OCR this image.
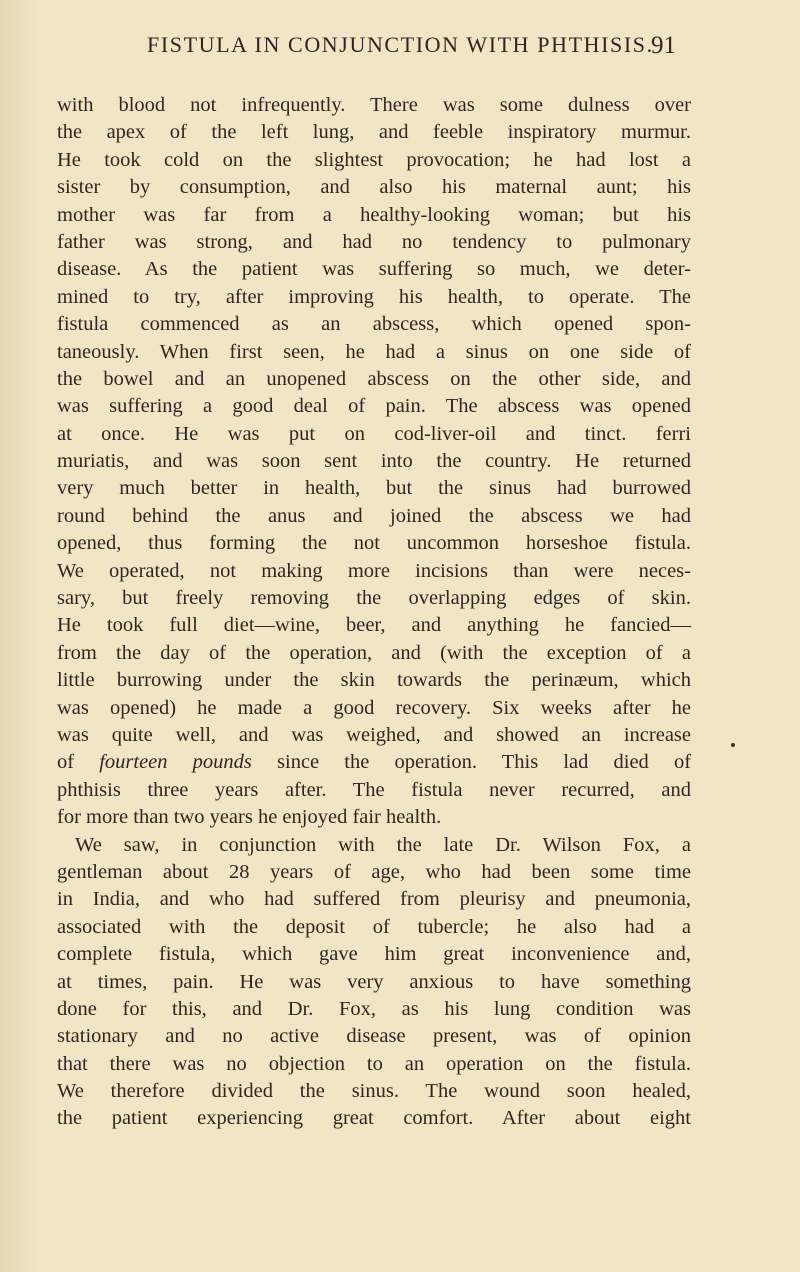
FISTULA IN CONJUNCTION WITH PHTHISIS.
91
with blood not infrequently. There was some dulness over
the apex of the left lung, and feeble inspiratory murmur.
He took cold on the slightest provocation; he had lost a
sister by consumption, and also his maternal aunt; his
mother was far from a healthy-looking woman; but his
father was strong, and had no tendency to pulmonary
disease. As the patient was suffering so much, we deter-
mined to try, after improving his health, to operate. The
fistula commenced as an abscess, which opened spon-
taneously. When first seen, he had a sinus on one side of
the bowel and an unopened abscess on the other side, and
was suffering a good deal of pain. The abscess was opened
at once. He was put on cod-liver-oil and tinct. ferri
muriatis, and was soon sent into the country. He returned
very much better in health, but the sinus had burrowed
round behind the anus and joined the abscess we had
opened, thus forming the not uncommon horseshoe fistula.
We operated, not making more incisions than were neces-
sary, but freely removing the overlapping edges of skin.
He took full diet—wine, beer, and anything he fancied—
from the day of the operation, and (with the exception of a
little burrowing under the skin towards the perinæum, which
was opened) he made a good recovery. Six weeks after he
was quite well, and was weighed, and showed an increase
of fourteen pounds since the operation. This lad died of
phthisis three years after. The fistula never recurred, and
for more than two years he enjoyed fair health.
We saw, in conjunction with the late Dr. Wilson Fox, a
gentleman about 28 years of age, who had been some time
in India, and who had suffered from pleurisy and pneumonia,
associated with the deposit of tubercle; he also had a
complete fistula, which gave him great inconvenience and,
at times, pain. He was very anxious to have something
done for this, and Dr. Fox, as his lung condition was
stationary and no active disease present, was of opinion
that there was no objection to an operation on the fistula.
We therefore divided the sinus. The wound soon healed,
the patient experiencing great comfort. After about eight
